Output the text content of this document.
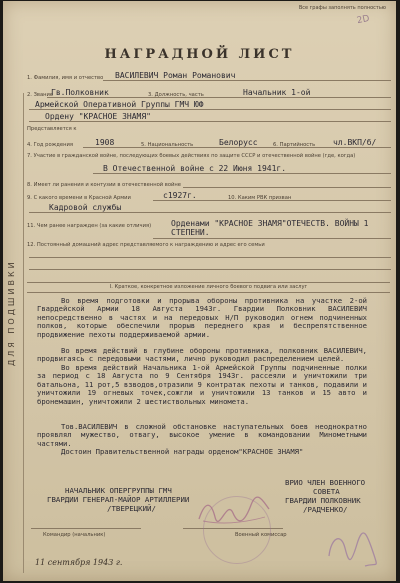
Все графы заполнять полностью
2D
НАГРАДНОЙ ЛИСТ
ДЛЯ ПОДШИВКИ
1. Фамилия, имя и отчество ВАСИЛЕВИЧ Роман Романович
2. Звание
Гв.Полковник	3. Должность, часть	Начальник 1-ой
Армейской Оперативной Группы ГМЧ ЮФ
Ордену "КРАСНОЕ ЗНАМЯ"
Представляется к
4. Год рождения	1908	5. Национальность	Белорусс	6. Партийность чл.ВКП/б/
7. Участие в гражданской войне, последующих боевых действиях по защите СССР и отечественной войне (где, когда)
В Отечественной войне с 22 Июня 1941г.
8. Имеет ли ранения и контузии в отечественной войне
9. С какого времени в Красной Армии	с1927г.	10. Каким РВК призван
Кадровой службы
11. Чем ранее награжден (за какие отличия) Орденами "КРАСНОЕ ЗНАМЯ"ОТЕЧЕСТВ. ВОЙНЫ 1 СТЕПЕНИ.
12. Постоянный домашний адрес представляемого к награждению и адрес его семьи
I. Краткое, конкретное изложение личного боевого подвига или заслуг
Во время подготовки и прорыва обороны противника на участке 2-ой Гвардейской Армии 18 Августа 1943г. Гвардии Полковник ВАСИЛЕВИЧ непосредственно в частях и на передовых Н/П руководил огнем подчиненных полков, которые обеспечили прорыв переднего края и беспрепятственное продвижение пехоты поддерживаемой армии.
Во время действий в глубине обороны противника, полковник ВАСИЛЕВИЧ, продвигаясь с передовыми частями, лично руководил распределением целей.
Во время действий Начальника 1-ой Армейской Группы подчиненные полки за период с 18 Августа по 9 Сентября 1943г. рассеяли и уничтожили три батальона, 11 рот,5 взводов,отразили 9 контратак пехоты и танков, подавили и уничтожили 19 огневых точек,сожгли и уничтожили 13 танков и 15 авто и бронемашин, уничтожили 2 шестиствольных миномета.
Тов.ВАСИЛЕВИЧ в сложной обстановке наступательных боев неоднократно проявлял мужество, отвагу, высокое умение в командовании Минометными частями.
Достоин Правительственной награды орденом"КРАСНОЕ ЗНАМЯ"
НАЧАЛЬНИК ОПЕРГРУППЫ ГМЧ
ГВАРДИИ ГЕНЕРАЛ-МАЙОР АРТИЛЛЕРИИ
/ТВЕРЕЦКИЙ/
ВРИО ЧЛЕН ВОЕННОГО
СОВЕТА
ГВАРДИИ ПОЛКОВНИК
/РАДЧЕНКО/
Командир (начальник)	Военный комиссар
11 сентября 1943 г.
